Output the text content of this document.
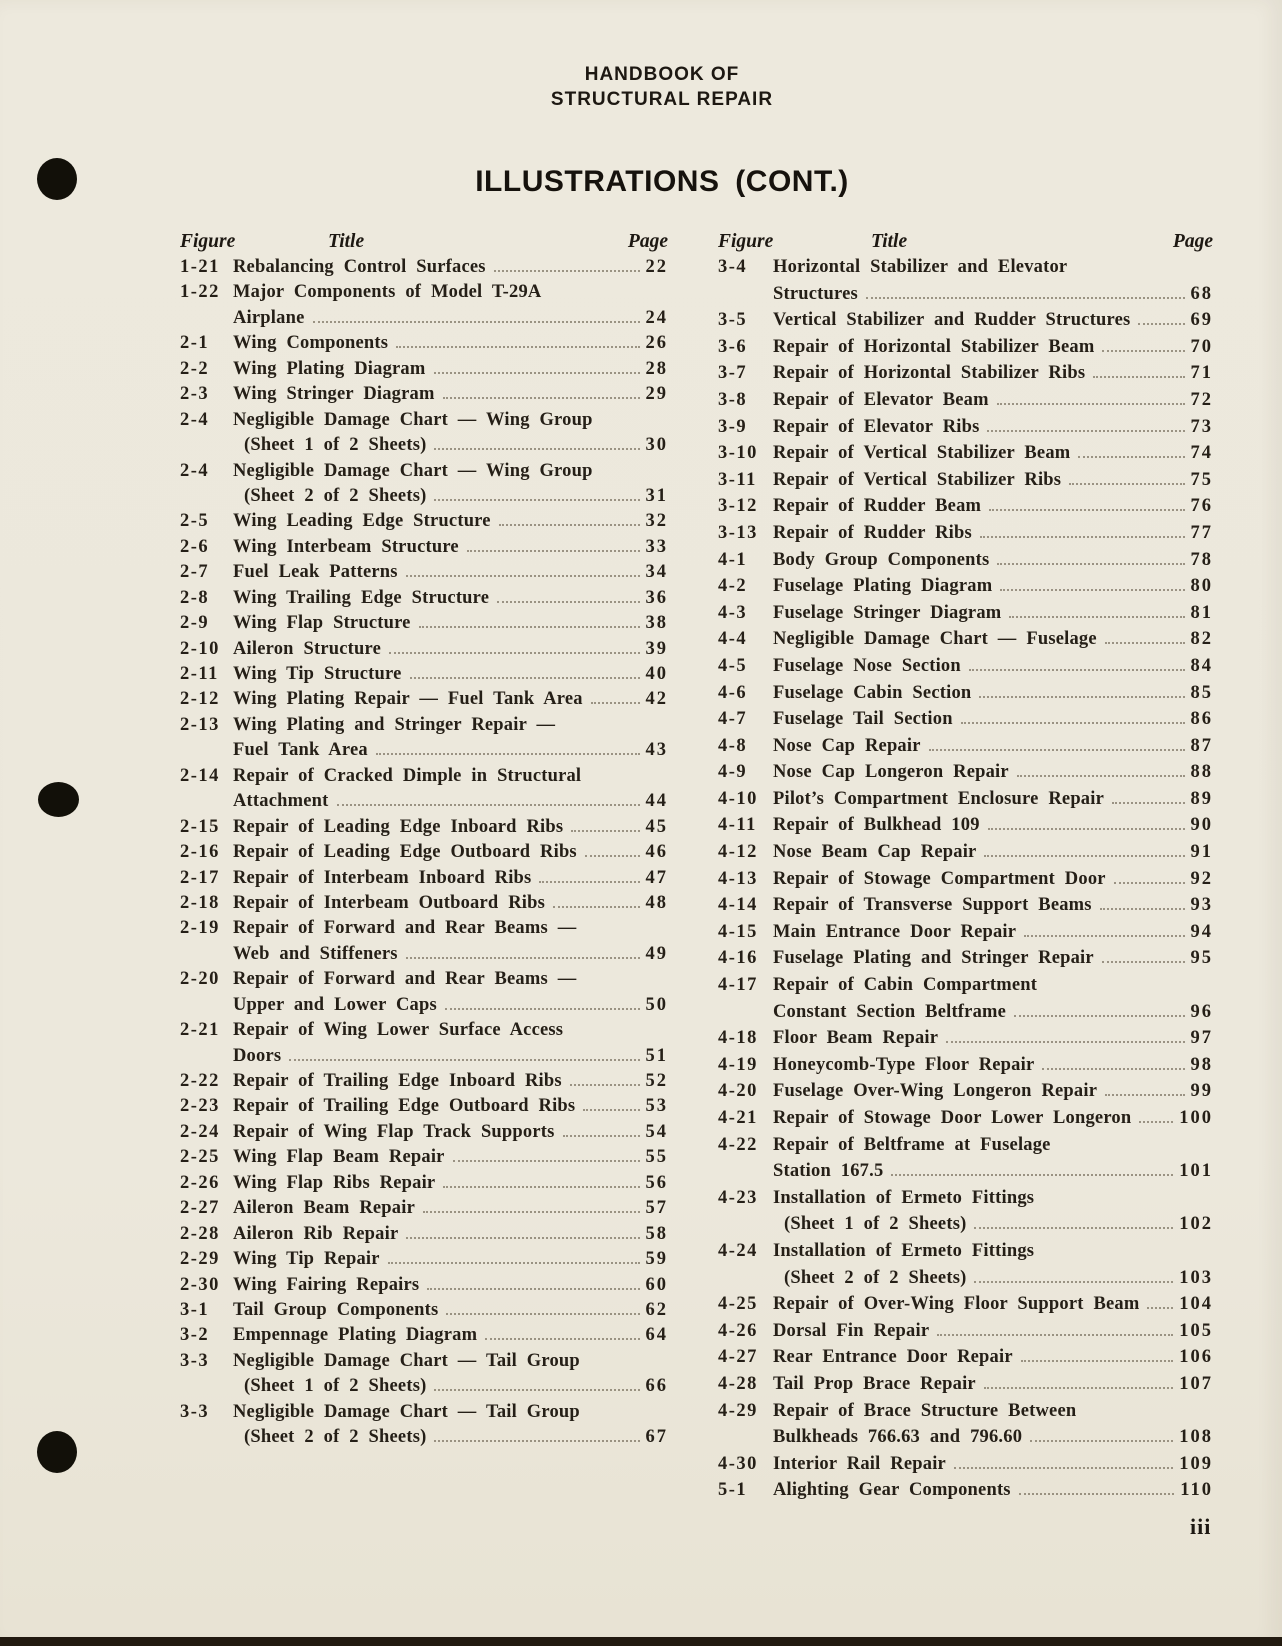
HANDBOOK OF
STRUCTURAL REPAIR
ILLUSTRATIONS (CONT.)
Figure	Title	Page
1-21 Rebalancing Control Surfaces	22
1-22 Major Components of Model T-29A
Airplane	24
2-1	Wing Components	26
2-2	Wing Plating Diagram	28
2-3	Wing Stringer Diagram	29
2-4	Negligible Damage Chart — Wing Group
(Sheet 1 of 2 Sheets)	30
2-4	Negligible Damage Chart — Wing Group
(Sheet 2 of 2 Sheets)	31
2-5	Wing Leading Edge Structure	32
2-6	Wing Interbeam Structure	33
2-7	Fuel Leak Patterns	34
2-8	Wing Trailing Edge Structure	36
2-9	Wing Flap Structure	38
2-10 Aileron Structure	39
2-11 Wing Tip Structure	40
2-12 Wing Plating Repair — Fuel Tank Area	42
2-13 Wing Plating and Stringer Repair —
Fuel Tank Area	43
2-14 Repair of Cracked Dimple in Structural
Attachment	44
2-15 Repair of Leading Edge Inboard Ribs	45
2-16 Repair of Leading Edge Outboard Ribs	46
2-17 Repair of Interbeam Inboard Ribs	47
2-18 Repair of Interbeam Outboard Ribs	48
2-19 Repair of Forward and Rear Beams —
Web and Stiffeners	49
2-20 Repair of Forward and Rear Beams —
Upper and Lower Caps	50
2-21 Repair of Wing Lower Surface Access
Doors	51
2-22 Repair of Trailing Edge Inboard Ribs	52
2-23 Repair of Trailing Edge Outboard Ribs	53
2-24 Repair of Wing Flap Track Supports	54
2-25 Wing Flap Beam Repair	55
2-26 Wing Flap Ribs Repair	56
2-27 Aileron Beam Repair	57
2-28 Aileron Rib Repair	58
2-29 Wing Tip Repair	59
2-30 Wing Fairing Repairs	60
3-1	Tail Group Components	62
3-2	Empennage Plating Diagram	64
3-3	Negligible Damage Chart — Tail Group
(Sheet 1 of 2 Sheets)	66
3-3	Negligible Damage Chart — Tail Group
(Sheet 2 of 2 Sheets)	67
Figure	Title	Page
3-4	Horizontal Stabilizer and Elevator
Structures	68
3-5	Vertical Stabilizer and Rudder Structures	69
3-6	Repair of Horizontal Stabilizer Beam	70
3-7	Repair of Horizontal Stabilizer Ribs	71
3-8	Repair of Elevator Beam	72
3-9	Repair of Elevator Ribs	73
3-10 Repair of Vertical Stabilizer Beam	74
3-11 Repair of Vertical Stabilizer Ribs	75
3-12 Repair of Rudder Beam	76
3-13 Repair of Rudder Ribs	77
4-1	Body Group Components	78
4-2	Fuselage Plating Diagram	80
4-3	Fuselage Stringer Diagram	81
4-4	Negligible Damage Chart — Fuselage	82
4-5	Fuselage Nose Section	84
4-6	Fuselage Cabin Section	85
4-7	Fuselage Tail Section	86
4-8	Nose Cap Repair	87
4-9	Nose Cap Longeron Repair	88
4-10 Pilot’s Compartment Enclosure Repair	89
4-11 Repair of Bulkhead 109	90
4-12 Nose Beam Cap Repair	91
4-13 Repair of Stowage Compartment Door	92
4-14 Repair of Transverse Support Beams	93
4-15 Main Entrance Door Repair	94
4-16 Fuselage Plating and Stringer Repair	95
4-17 Repair of Cabin Compartment
Constant Section Beltframe	96
4-18 Floor Beam Repair	97
4-19 Honeycomb-Type Floor Repair	98
4-20 Fuselage Over-Wing Longeron Repair	99
4-21 Repair of Stowage Door Lower Longeron	100
4-22 Repair of Beltframe at Fuselage
Station 167.5	101
4-23 Installation of Ermeto Fittings
(Sheet 1 of 2 Sheets)	102
4-24 Installation of Ermeto Fittings
(Sheet 2 of 2 Sheets)	103
4-25 Repair of Over-Wing Floor Support Beam 104
4-26 Dorsal Fin Repair	105
4-27 Rear Entrance Door Repair	106
4-28 Tail Prop Brace Repair	107
4-29 Repair of Brace Structure Between
Bulkheads 766.63 and 796.60	108
4-30 Interior Rail Repair	109
5-1	Alighting Gear Components	110
iii
